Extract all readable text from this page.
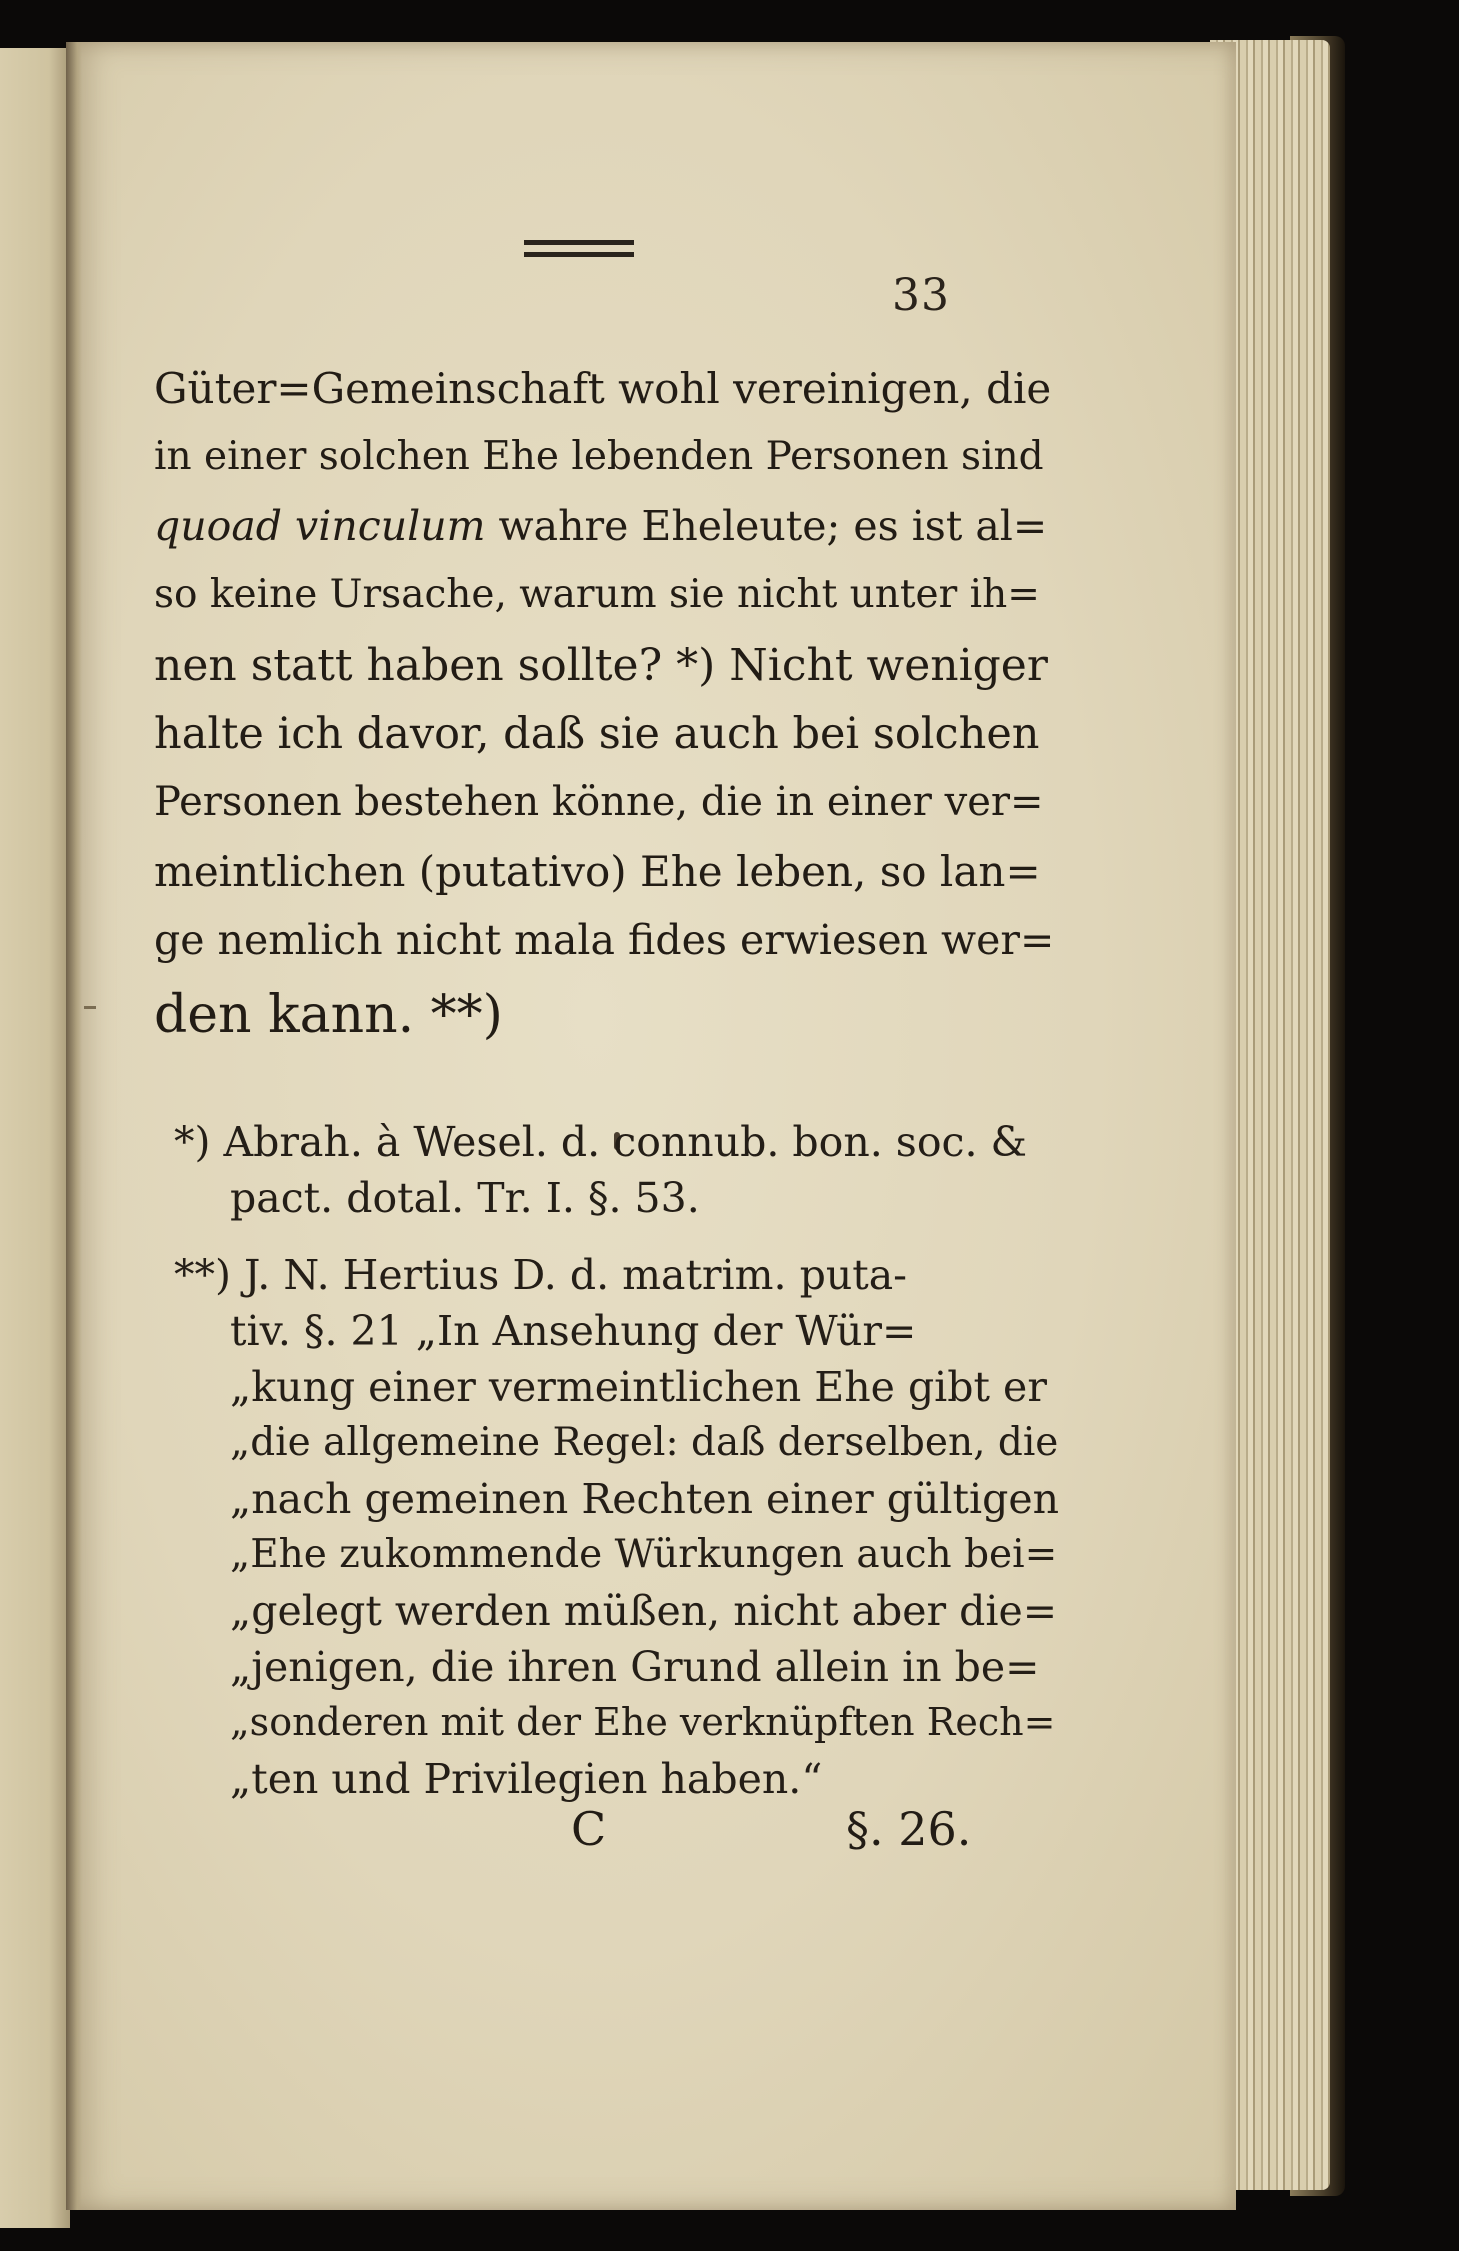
33
Güter=Gemeinschaft wohl vereinigen, die
in einer solchen Ehe lebenden Personen sind
quoad vinculum wahre Eheleute; es ist al=
so keine Ursache, warum sie nicht unter ih=
nen statt haben sollte? *) Nicht weniger
halte ich davor, daß sie auch bei solchen
Personen bestehen könne, die in einer ver=
meintlichen (putativo) Ehe leben, so lan=
ge nemlich nicht mala fides erwiesen wer=
den kann. **)
*) Abrah. à Wesel. d. connub. bon. soc. &
pact. dotal. Tr. I. §. 53.
**) J. N. Hertius D. d. matrim. puta-
tiv. §. 21 „In Ansehung der Wür=
„kung einer vermeintlichen Ehe gibt er
„die allgemeine Regel: daß derselben, die
„nach gemeinen Rechten einer gültigen
„Ehe zukommende Würkungen auch bei=
„gelegt werden müßen, nicht aber die=
„jenigen, die ihren Grund allein in be=
„sonderen mit der Ehe verknüpften Rech=
„ten und Privilegien haben.“
C	§. 26.
